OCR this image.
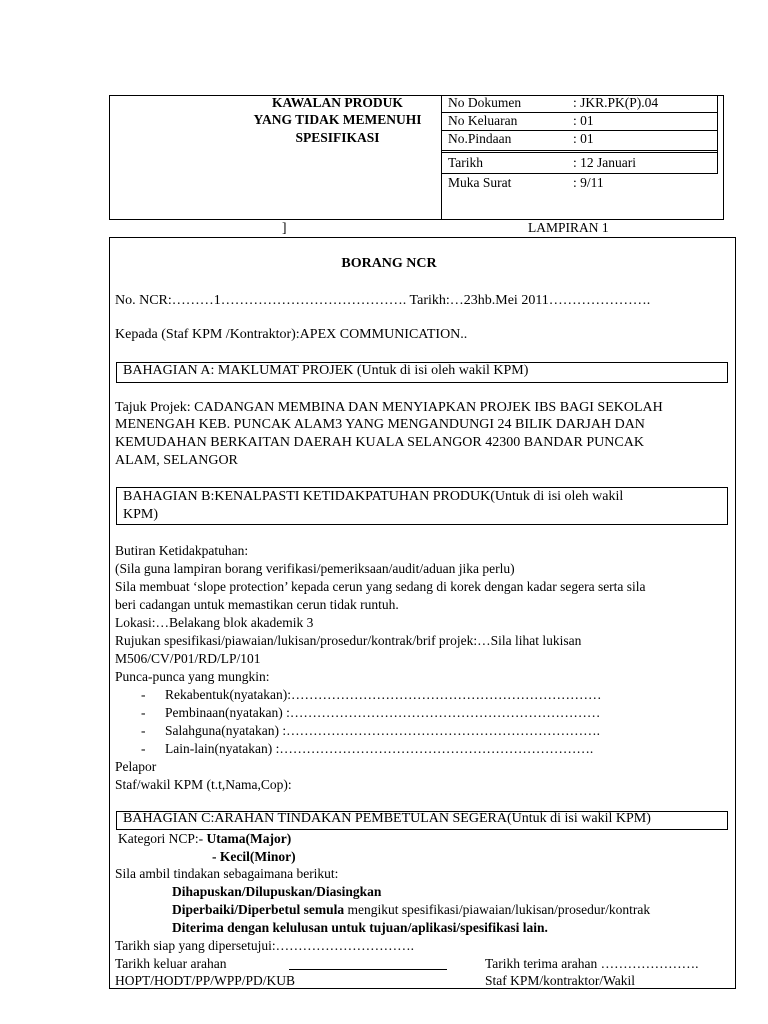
KAWALAN PRODUK
YANG TIDAK MEMENUHI
SPESIFIKASI
No Dokumen	: JKR.PK(P).04
No Keluaran	: 01
No.Pindaan	: 01
Tarikh	: 12 Januari
Muka Surat	: 9/11
]	LAMPIRAN 1
BORANG NCR
No. NCR:………1…………………………………. Tarikh:…23hb.Mei 2011………………….
Kepada (Staf KPM /Kontraktor):APEX COMMUNICATION..
BAHAGIAN A: MAKLUMAT PROJEK (Untuk di isi oleh wakil KPM)
Tajuk Projek: CADANGAN MEMBINA DAN MENYIAPKAN PROJEK IBS BAGI SEKOLAH
MENENGAH KEB. PUNCAK ALAM3 YANG MENGANDUNGI 24 BILIK DARJAH DAN
KEMUDAHAN BERKAITAN DAERAH KUALA SELANGOR 42300 BANDAR PUNCAK
ALAM, SELANGOR
BAHAGIAN B:KENALPASTI KETIDAKPATUHAN PRODUK(Untuk di isi oleh wakil
KPM)
Butiran Ketidakpatuhan:
(Sila guna lampiran borang verifikasi/pemeriksaan/audit/aduan jika perlu)
Sila membuat ‘slope protection’ kepada cerun yang sedang di korek dengan kadar segera serta sila
beri cadangan untuk memastikan cerun tidak runtuh.
Lokasi:…Belakang blok akademik 3
Rujukan spesifikasi/piawaian/lukisan/prosedur/kontrak/brif projek:…Sila lihat lukisan
M506/CV/P01/RD/LP/101
Punca-punca yang mungkin:
- Rekabentuk(nyatakan):……………………………………………………………
- Pembinaan(nyatakan) :……………………………………………………………
- Salahguna(nyatakan) :…………………………………………………………….
- Lain-lain(nyatakan) :…………………………………………………………….
Pelapor
Staf/wakil KPM (t.t,Nama,Cop):
BAHAGIAN C:ARAHAN TINDAKAN PEMBETULAN SEGERA(Untuk di isi wakil KPM)
Kategori NCP:- Utama(Major)
- Kecil(Minor)
Sila ambil tindakan sebagaimana berikut:
Dihapuskan/Dilupuskan/Diasingkan
Diperbaiki/Diperbetul semula mengikut spesifikasi/piawaian/lukisan/prosedur/kontrak
Diterima dengan kelulusan untuk tujuan/aplikasi/spesifikasi lain.
Tarikh siap yang dipersetujui:………………………….
Tarikh keluar arahan	Tarikh terima arahan ………………….
HOPT/HODT/PP/WPP/PD/KUB	Staf KPM/kontraktor/Wakil
